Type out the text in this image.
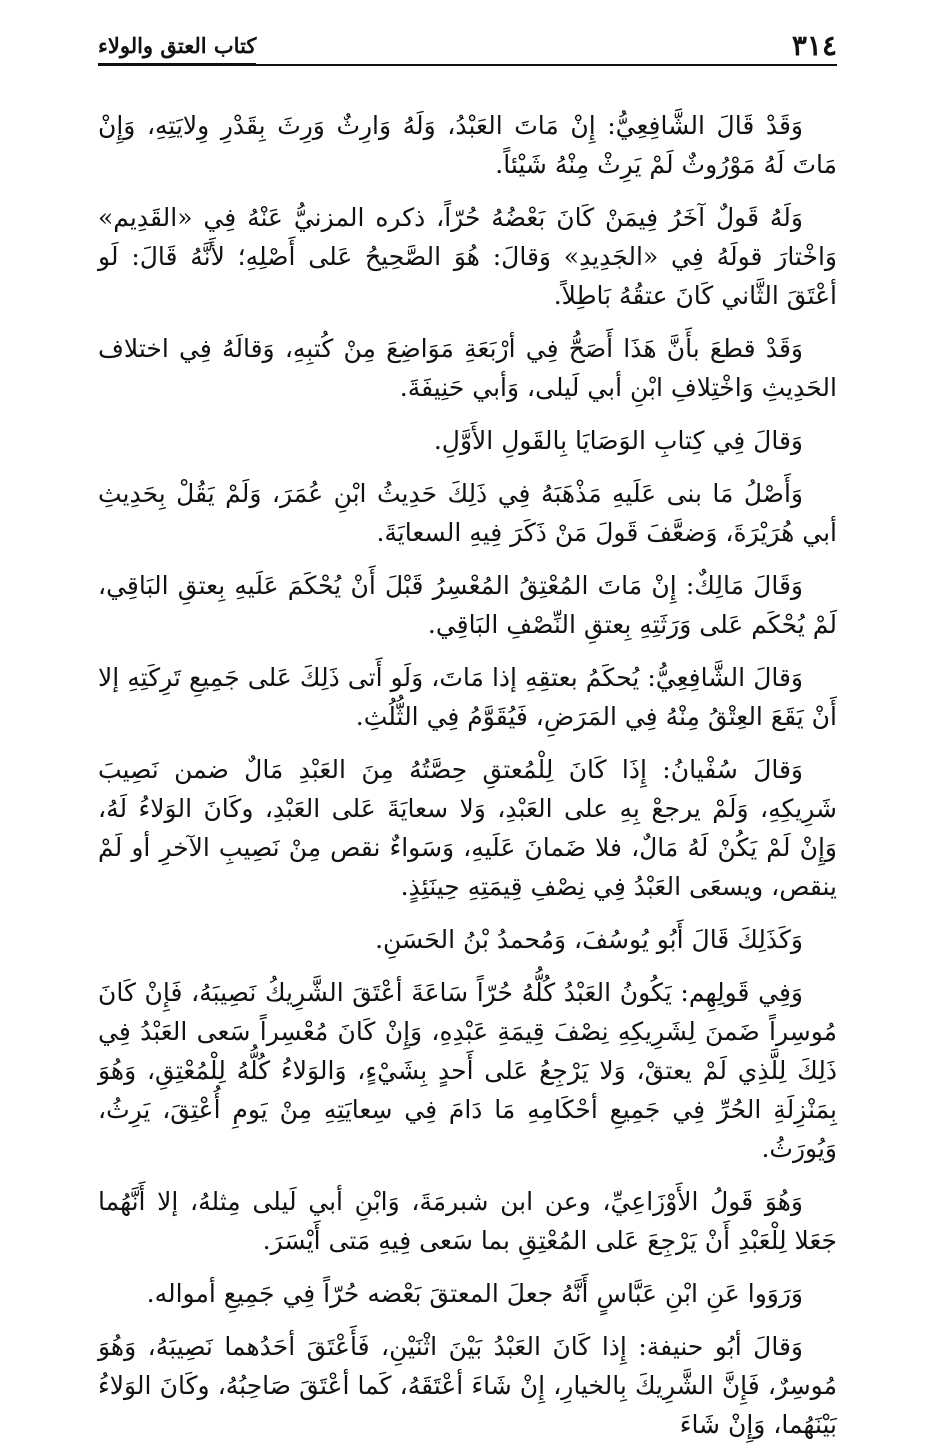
٣١٤
كتاب العتق والولاء

وَقَدْ قَالَ الشَّافِعِيُّ: إِنْ مَاتَ العَبْدُ، وَلَهُ وَارِثٌ وَرِثَ بِقَدْرِ وِلايَتِهِ، وَإِنْ مَاتَ لَهُ مَوْرُوثٌ لَمْ يَرِثْ مِنْهُ شَيْئاً.

وَلَهُ قَولٌ آخَرُ فِيمَنْ كَانَ بَعْضُهُ حُرّاً، ذكره المزنيُّ عَنْهُ فِي «القَدِيم» وَاخْتارَ قولَهُ فِي «الجَدِيدِ» وَقالَ: هُوَ الصَّحِيحُ عَلى أَصْلِهِ؛ لأَنَّهُ قَالَ: لَو أعْتَقَ الثَّاني كَانَ عتقُهُ بَاطِلاً.

وَقَدْ قطعَ بأَنَّ هَذَا أَصَحُّ فِي أرْبَعَةِ مَوَاضِعَ مِنْ كُتبِهِ، وَقالَهُ فِي اختلاف الحَدِيثِ وَاخْتِلافِ ابْنِ أبي لَيلى، وَأبي حَنِيفَةَ.

وَقالَ فِي كِتابِ الوَصَايَا بِالقَولِ الأَوَّلِ.

وَأَصْلُ مَا بنى عَلَيهِ مَذْهَبَهُ فِي ذَلِكَ حَدِيثُ ابْنِ عُمَرَ، وَلَمْ يَقُلْ بِحَدِيثِ أبي هُرَيْرَةَ، وَضعَّفَ قَولَ مَنْ ذَكَرَ فِيهِ السعايَةَ.

وَقَالَ مَالِكٌ: إِنْ مَاتَ المُعْتِقُ المُعْسِرُ قَبْلَ أَنْ يُحْكَمَ عَلَيهِ بِعتقِ البَاقِي، لَمْ يُحْكَم عَلى وَرَثَتِهِ بِعتقِ النِّصْفِ البَاقِي.

وَقالَ الشَّافِعِيُّ: يُحكَمُ بعتقِهِ إذا مَاتَ، وَلَو أَتى ذَلِكَ عَلى جَمِيعِ تَرِكَتِهِ إلا أَنْ يَقَعَ العِتْقُ مِنْهُ فِي المَرَضِ، فَيُقَوَّمُ فِي الثُّلُثِ.

وَقالَ سُفْيانُ: إِذَا كَانَ لِلْمُعتقِ حِصَّتُهُ مِنَ العَبْدِ مَالٌ ضمن نَصِيبَ شَرِيكِهِ، وَلَمْ يرجعْ بِهِ على العَبْدِ، وَلا سعايَةَ عَلى العَبْدِ، وكَانَ الوَلاءُ لَهُ، وَإِنْ لَمْ يَكُنْ لَهُ مَالٌ، فلا ضَمانَ عَلَيهِ، وَسَواءٌ نقص مِنْ نَصِيبِ الآخرِ أو لَمْ ينقص، ويسعَى العَبْدُ فِي نِصْفِ قِيمَتِهِ حِينَئِذٍ.

وَكَذَلِكَ قَالَ أَبُو يُوسُفَ، وَمُحمدُ بْنُ الحَسَنِ.

وَفِي قَولِهِم: يَكُونُ العَبْدُ كُلُّهُ حُرّاً سَاعَةَ أعْتَقَ الشَّرِيكُ نَصِيبَهُ، فَإِنْ كَانَ مُوسِراً ضَمنَ لِشَرِيكِهِ نِصْفَ قِيمَةِ عَبْدِهِ، وَإِنْ كَانَ مُعْسِراً سَعى العَبْدُ فِي ذَلِكَ لِلَّذِي لَمْ يعتقْ، وَلا يَرْجِعُ عَلى أَحدٍ بِشَيْءٍ، وَالوَلاءُ كُلُّهُ لِلْمُعْتِقِ، وَهُوَ بِمَنْزِلَةِ الحُرِّ فِي جَمِيعِ أحْكَامِهِ مَا دَامَ فِي سِعايَتِهِ مِنْ يَومِ أُعْتِقَ، يَرِثُ، وَيُورَثُ.

وَهُوَ قَولُ الأَوْزَاعِيِّ، وعن ابن شبرمَةَ، وَابْنِ أبي لَيلى مِثلهُ، إلا أَنَّهُما جَعَلا لِلْعَبْدِ أَنْ يَرْجِعَ عَلى المُعْتِقِ بما سَعى فِيهِ مَتى أَيْسَرَ.

وَرَوَوا عَنِ ابْنِ عَبَّاسٍ أَنَّهُ جعلَ المعتقَ بَعْضه حُرّاً فِي جَمِيعِ أمواله.

وَقالَ أبُو حنيفة: إِذا كَانَ العَبْدُ بَيْنَ اثْنَيْنِ، فَأَعْتَقَ أحَدُهما نَصِيبَهُ، وَهُوَ مُوسِرٌ، فَإِنَّ الشَّرِيكَ بِالخيارِ، إِنْ شَاءَ أعْتَقَهُ، كَما أعْتَقَ صَاحِبُهُ، وكَانَ الوَلاءُ بَيْنَهُما، وَإِنْ شَاءَ
